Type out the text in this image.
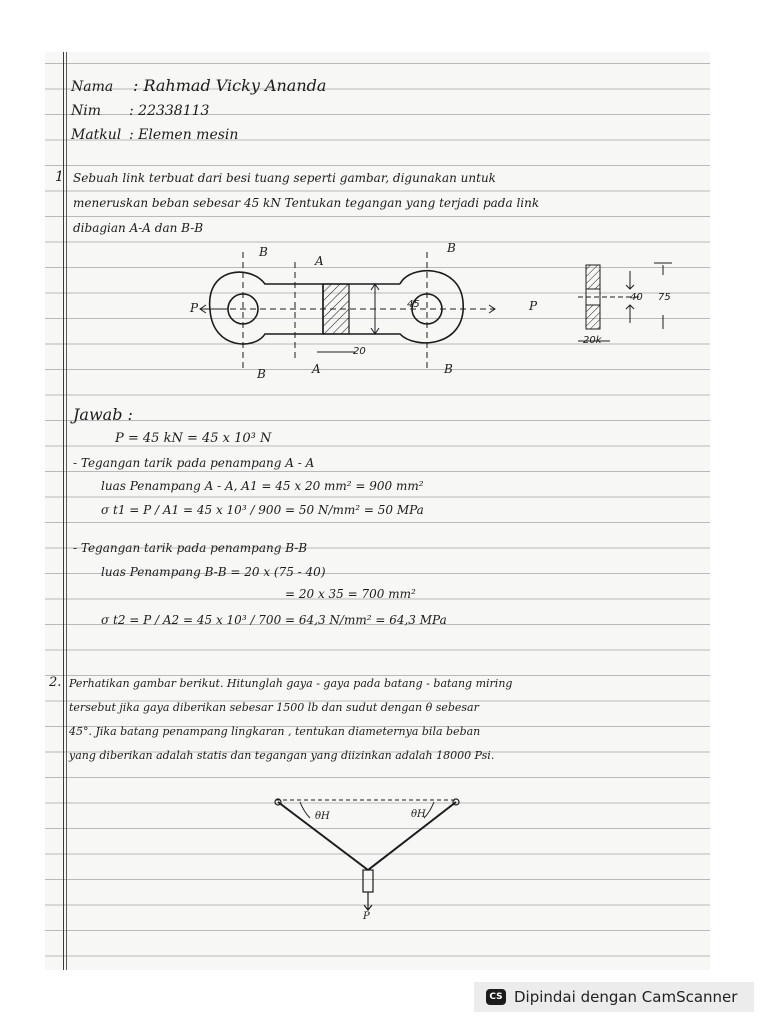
Nama : Rahmad Vicky Ananda
Nim : 22338113
Matkul : Elemen mesin
1 Sebuah link terbuat dari besi tuang seperti gambar, digunakan untuk
meneruskan beban sebesar 45 kN Tentukan tegangan yang terjadi pada link
dibagian A-A dan B-B
B
A
B
P	P
45
20
B	A	B
40 75
20k
Jawab :
P = 45 kN = 45 x 10³ N
- Tegangan tarik pada penampang A - A
luas Penampang A - A, A1 = 45 x 20 mm² = 900 mm²
σ t1 = P / A1 = 45 x 10³ / 900 = 50 N/mm² = 50 MPa
- Tegangan tarik pada penampang B-B
luas Penampang B-B = 20 x (75 - 40)
= 20 x 35 = 700 mm²
σ t2 = P / A2 = 45 x 10³ / 700 = 64,3 N/mm² = 64,3 MPa
2. Perhatikan gambar berikut. Hitunglah gaya - gaya pada batang - batang miring
tersebut jika gaya diberikan sebesar 1500 lb dan sudut dengan θ sebesar
45°. Jika batang penampang lingkaran , tentukan diameternya bila beban
yang diberikan adalah statis dan tegangan yang diizinkan adalah 18000 Psi.
θH	θH
P
CS Dipindai dengan CamScanner
